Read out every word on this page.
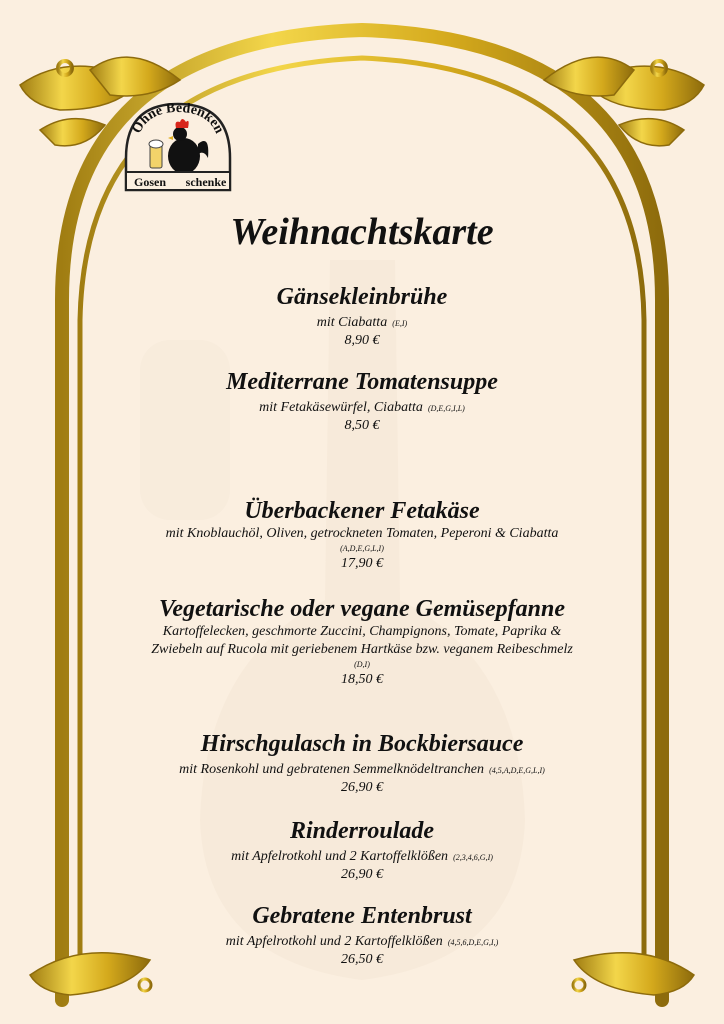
Ohne Bedenken
Gosen schenke
Weihnachtskarte
Gänsekleinbrühe
mit Ciabatta (E,I)
8,90 €
Mediterrane Tomatensuppe
mit Fetakäsewürfel, Ciabatta (D,E,G,I,L)
8,50 €
Überbackener Fetakäse
mit Knoblauchöl, Oliven, getrockneten Tomaten, Peperoni & Ciabatta
(A,D,E,G,L,I)
17,90 €
Vegetarische oder vegane Gemüsepfanne
Kartoffelecken, geschmorte Zuccini, Champignons, Tomate, Paprika &
Zwiebeln auf Rucola mit geriebenem Hartkäse bzw. veganem Reibeschmelz
(D,I)
18,50 €
Hirschgulasch in Bockbiersauce
mit Rosenkohl und gebratenen Semmelknödeltranchen (4,5,A,D,E,G,L,I)
26,90 €
Rinderroulade
mit Apfelrotkohl und 2 Kartoffelklößen (2,3,4,6,G,I)
26,90 €
Gebratene Entenbrust
mit Apfelrotkohl und 2 Kartoffelklößen (4,5,6,D,E,G,I,)
26,50 €
